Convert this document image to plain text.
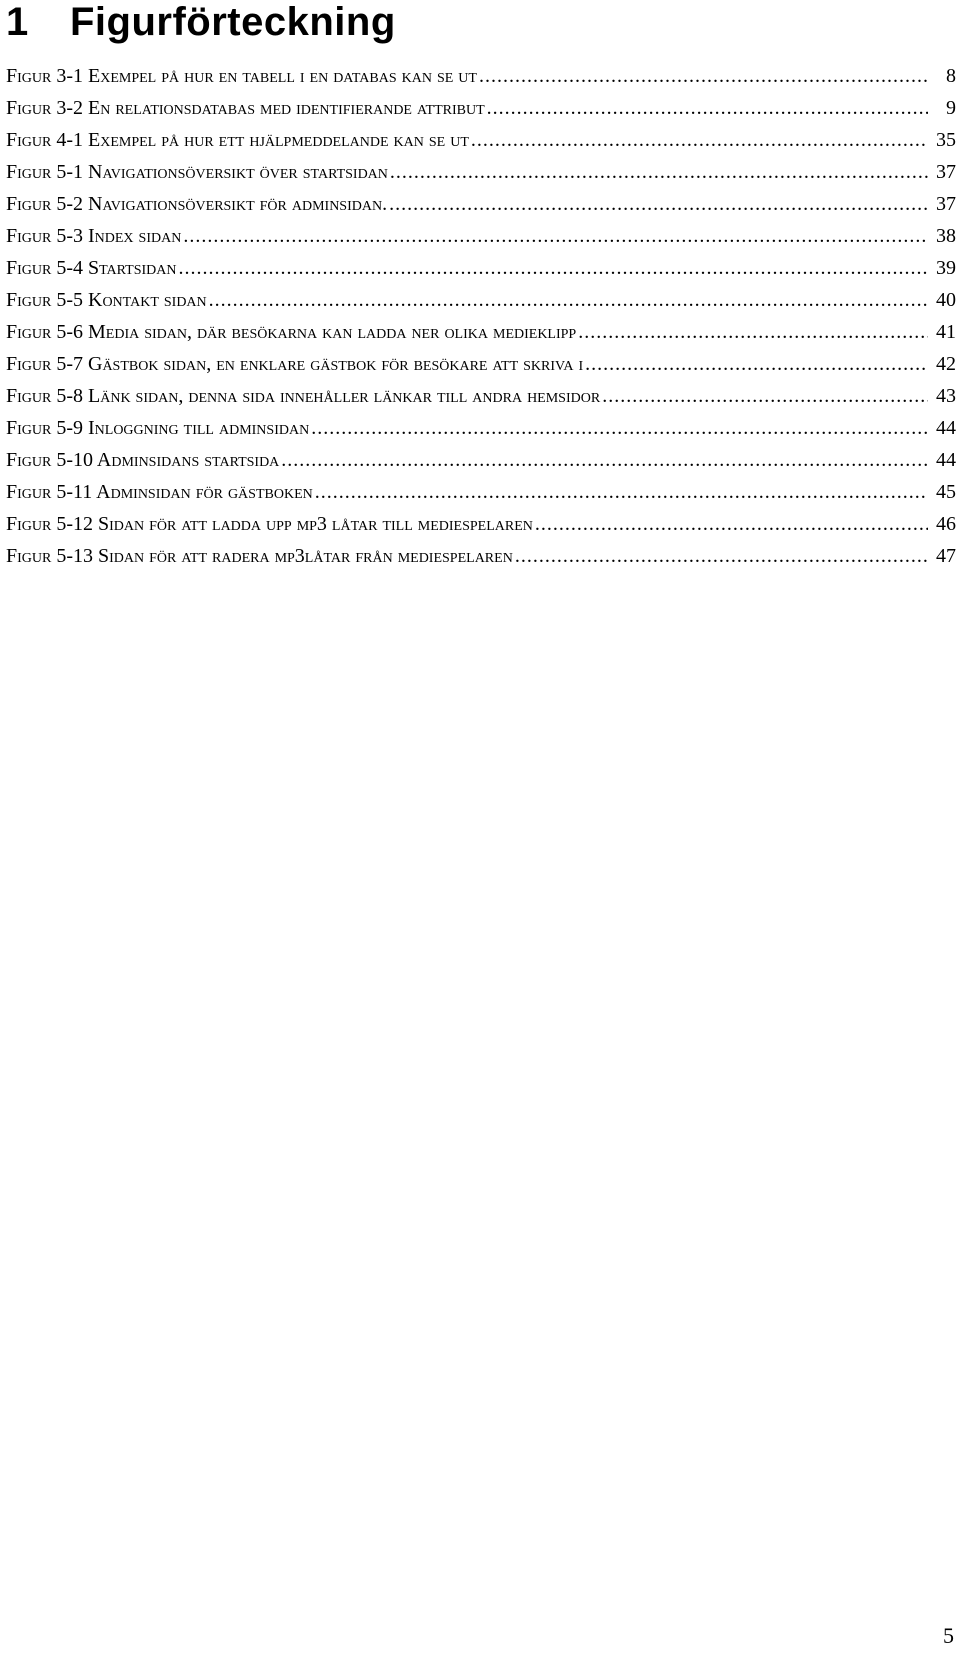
1 Figurförteckning
Figur 3-1 Exempel på hur en tabell i en databas kan se ut .....	8
Figur 3-2 En relationsdatabas med identifierande attribut .....	9
Figur 4-1 Exempel på hur ett hjälpmeddelande kan se ut .....	35
Figur 5-1 Navigationsöversikt över startsidan .....	37
Figur 5-2 Navigationsöversikt för adminsidan. .....	37
Figur 5-3 Index sidan .....	38
Figur 5-4 Startsidan .....	39
Figur 5-5 Kontakt sidan .....	40
Figur 5-6 Media sidan, där besökarna kan ladda ner olika medieklipp .....	41
Figur 5-7 Gästbok sidan, en enklare gästbok för besökare att skriva i .....	42
Figur 5-8 Länk sidan, denna sida innehåller länkar till andra hemsidor .....	43
Figur 5-9 Inloggning till adminsidan .....	44
Figur 5-10 Adminsidans startsida .....	44
Figur 5-11 Adminsidan för gästboken .....	45
Figur 5-12 Sidan för att ladda upp mp3 låtar till mediespelaren .....	46
Figur 5-13 Sidan för att radera mp3låtar från mediespelaren .....	47
5
